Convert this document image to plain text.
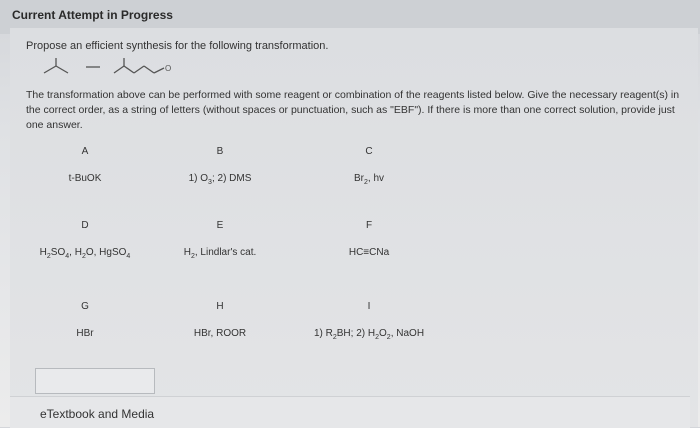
Current Attempt in Progress
Propose an efficient synthesis for the following transformation.
O
The transformation above can be performed with some reagent or combination of the reagents listed below. Give the necessary reagent(s) in the correct order, as a string of letters (without spaces or punctuation, such as "EBF"). If there is more than one correct solution, provide just one answer.
A
t-BuOK
B
1) $O_3$; 2) DMS
C
$Br_2$, hv
D
$H_2SO_4$, $H_2O$, HgSO$_4$
E
$H_2$, Lindlar's cat.
F
HC≡CNa
G
HBr
H
HBr, ROOR
I
1) $R_2BH$; 2) $H_2O_2$, NaOH
eTextbook and Media
